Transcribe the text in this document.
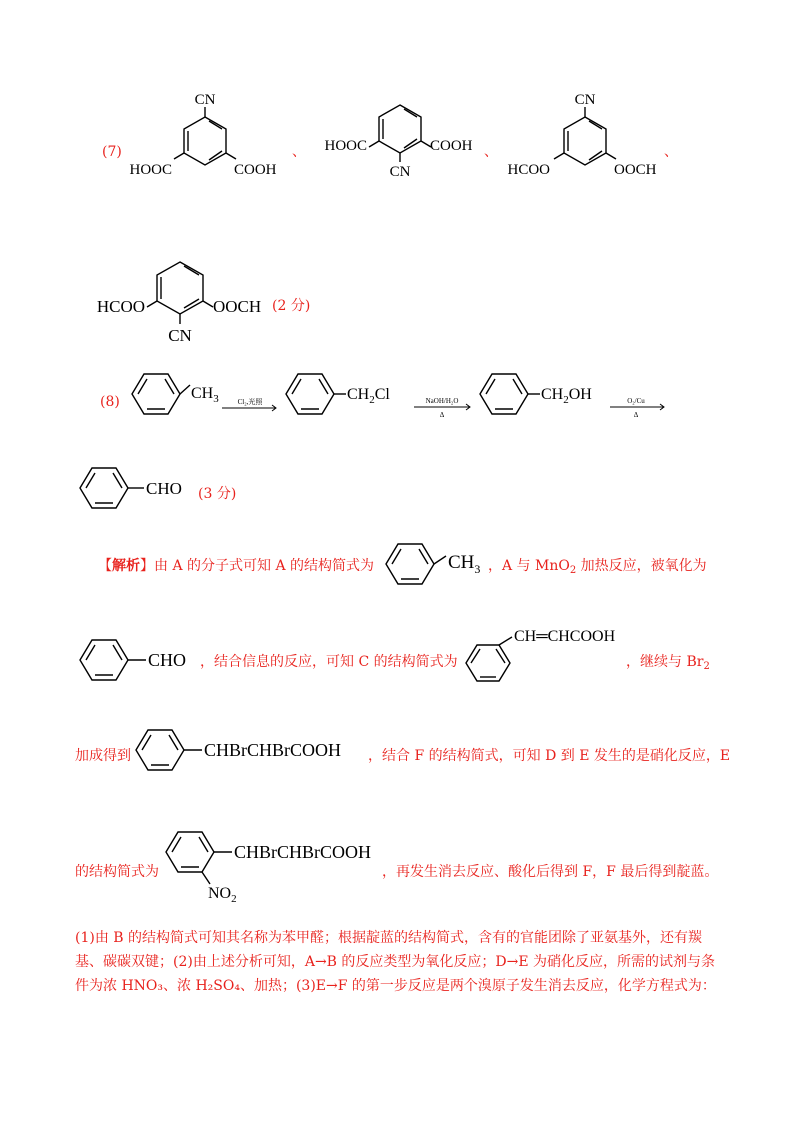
(7)
CN
HOOC	COOH
、 HOOC	COOH
CN
、
CN
HCOO	OOCH
、
HCOO	OOCH
CN
(2 分)
(8)	$CH_3$	Cl₂,光照	$CH_2Cl$	NaOH/H₂O
Δ
$CH_2OH$	O₂/Cu
Δ
CHO (3 分)
【解析】由 A 的分子式可知 A 的结构简式为	$CH_3$ ，A 与 MnO$_2$ 加热反应，被氧化为
CHO ，结合信息的反应，可知 C 的结构简式为
CH═CHCOOH
，继续与 $Br_2$
加成得到	CHBrCHBrCOOH ，结合 F 的结构简式，可知 D 到 E 发生的是硝化反应，E
的结构简式为
CHBrCHBrCOOH
$NO_2$
，再发生消去反应、酸化后得到 F，F 最后得到靛蓝。
(1)由 B 的结构简式可知其名称为苯甲醛；根据靛蓝的结构简式，含有的官能团除了亚氨基外，还有羰基、碳碳双键；(2)由上述分析可知，A→B 的反应类型为氧化反应；D→E 为硝化反应，所需的试剂与条件为浓 HNO₃、浓 H₂SO₄、加热；(3)E→F 的第一步反应是两个溴原子发生消去反应，化学方程式为：
